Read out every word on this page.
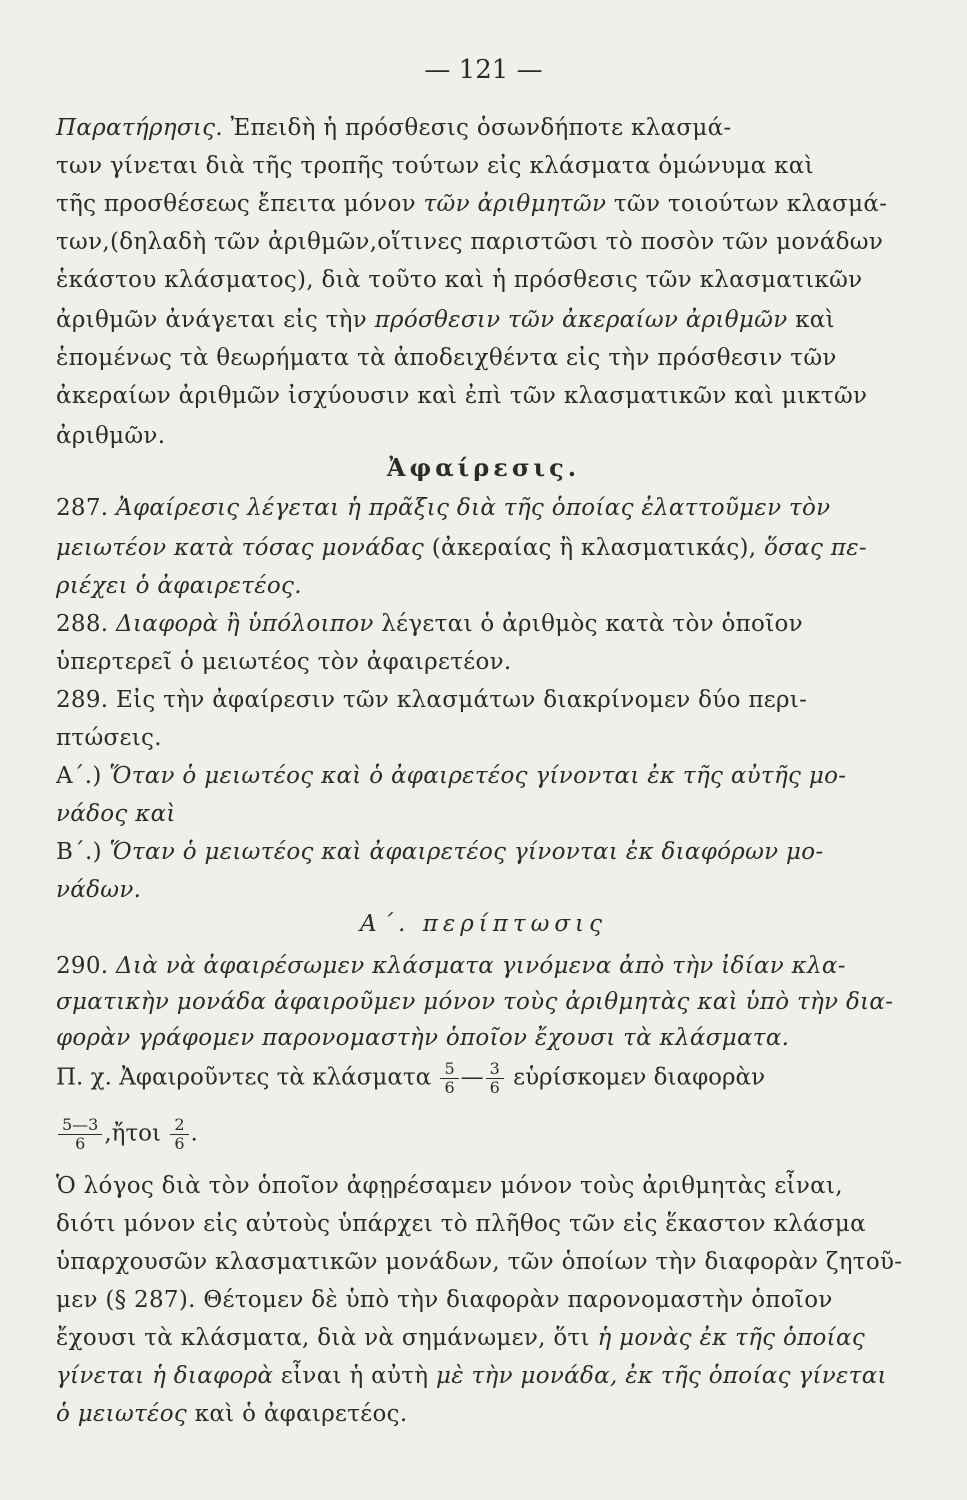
— 121 —
Παρατήρησις. Ἐπειδὴ ἡ πρόσθεσις ὁσωνδήποτε κλασμά-
των γίνεται διὰ τῆς τροπῆς τούτων εἰς κλάσματα ὁμώνυμα καὶ
τῆς προσθέσεως ἔπειτα μόνον τῶν ἀριθμητῶν τῶν τοιούτων κλασμά-
των,(δηλαδὴ τῶν ἀριθμῶν,οἵτινες παριστῶσι τὸ ποσὸν τῶν μονάδων
ἑκάστου κλάσματος), διὰ τοῦτο καὶ ἡ πρόσθεσις τῶν κλασματικῶν
ἀριθμῶν ἀνάγεται εἰς τὴν πρόσθεσιν τῶν ἀκεραίων ἀριθμῶν καὶ
ἑπομένως τὰ θεωρήματα τὰ ἀποδειχθέντα εἰς τὴν πρόσθεσιν τῶν
ἀκεραίων ἀριθμῶν ἰσχύουσιν καὶ ἐπὶ τῶν κλασματικῶν καὶ μικτῶν
ἀριθμῶν.
287. Ἀφαίρεσις λέγεται ἡ πρᾶξις διὰ τῆς ὁποίας ἐλαττοῦμεν τὸν
μειωτέον κατὰ τόσας μονάδας (ἀκεραίας ἢ κλασματικάς), ὅσας πε-
ριέχει ὁ ἀφαιρετέος.
288. Διαφορὰ ἢ ὑπόλοιπον λέγεται ὁ ἀριθμὸς κατὰ τὸν ὁποῖον
ὑπερτερεῖ ὁ μειωτέος τὸν ἀφαιρετέον.
289. Εἰς τὴν ἀφαίρεσιν τῶν κλασμάτων διακρίνομεν δύο περι-
πτώσεις.
Α΄.) Ὅταν ὁ μειωτέος καὶ ὁ ἀφαιρετέος γίνονται ἐκ τῆς αὐτῆς μο-
νάδος καὶ
Β΄.) Ὅταν ὁ μειωτέος καὶ ἀφαιρετέος γίνονται ἐκ διαφόρων μο-
νάδων.
290. Διὰ νὰ ἀφαιρέσωμεν κλάσματα γινόμενα ἀπὸ τὴν ἰδίαν κλα-
σματικὴν μονάδα ἀφαιροῦμεν μόνον τοὺς ἀριθμητὰς καὶ ὑπὸ τὴν δια-
φορὰν γράφομεν παρονομαστὴν ὁποῖον ἔχουσι τὰ κλάσματα.
Ὁ λόγος διὰ τὸν ὁποῖον ἀφῃρέσαμεν μόνον τοὺς ἀριθμητὰς εἶναι,
διότι μόνον εἰς αὐτοὺς ὑπάρχει τὸ πλῆθος τῶν εἰς ἕκαστον κλάσμα
ὑπαρχουσῶν κλασματικῶν μονάδων, τῶν ὁποίων τὴν διαφορὰν ζητοῦ-
μεν (§ 287). Θέτομεν δὲ ὑπὸ τὴν διαφορὰν παρονομαστὴν ὁποῖον
ἔχουσι τὰ κλάσματα, διὰ νὰ σημάνωμεν, ὅτι ἡ μονὰς ἐκ τῆς ὁποίας
γίνεται ἡ διαφορὰ εἶναι ἡ αὐτὴ μὲ τὴν μονάδα, ἐκ τῆς ὁποίας γίνεται
ὁ μειωτέος καὶ ὁ ἀφαιρετέος.
Ἀφαίρεσις.
Α΄. περίπτωσις
Π. χ. Ἀφαιροῦντες τὰ κλάσματα $\frac{5}{6}$ — $\frac{3}{6}$ εὑρίσκομεν διαφορὰν
$\frac{5—3}{6}$ ,ἤτοι $\frac{2}{6}$ .
